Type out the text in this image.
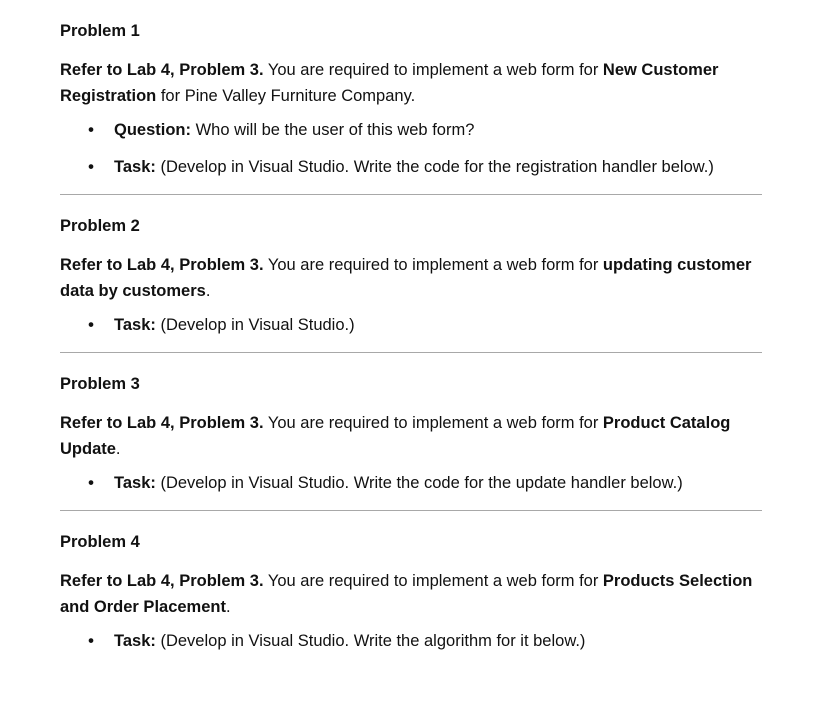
Problem 1

Refer to Lab 4, Problem 3. You are required to implement a web form for New Customer Registration for Pine Valley Furniture Company.

• Question: Who will be the user of this web form?
• Task: (Develop in Visual Studio. Write the code for the registration handler below.)
Problem 2

Refer to Lab 4, Problem 3. You are required to implement a web form for updating customer data by customers.

• Task: (Develop in Visual Studio.)
Problem 3

Refer to Lab 4, Problem 3. You are required to implement a web form for Product Catalog Update.

• Task: (Develop in Visual Studio. Write the code for the update handler below.)
Problem 4

Refer to Lab 4, Problem 3. You are required to implement a web form for Products Selection and Order Placement.

• Task: (Develop in Visual Studio. Write the algorithm for it below.)
